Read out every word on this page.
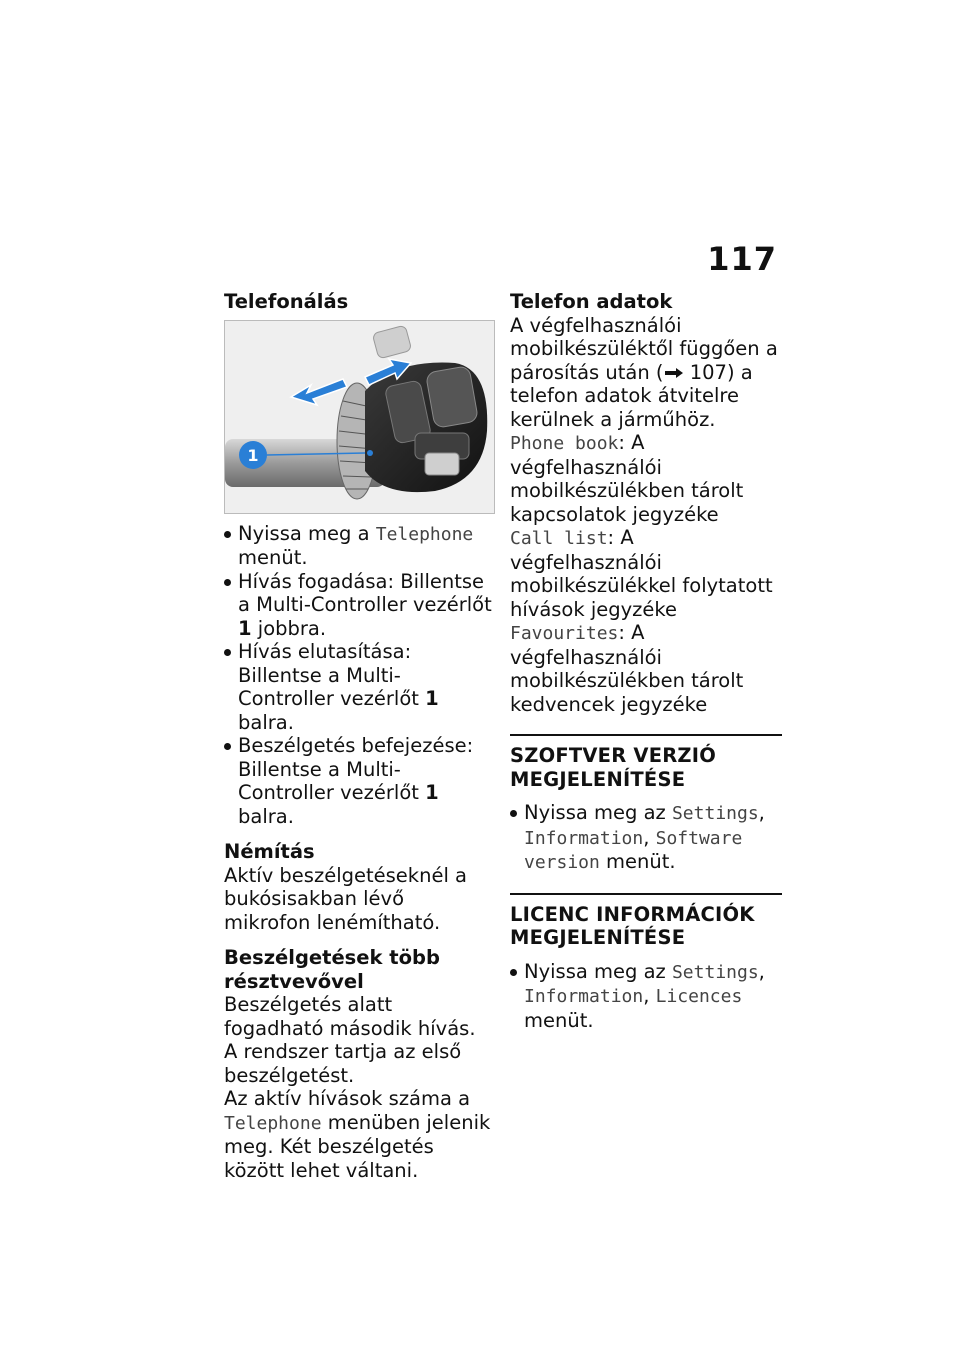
117
Telefonálás
1
Nyissa meg a Telephone menüt.
Hívás fogadása: Billentse a Multi-Controller vezérlőt 1 jobbra.
Hívás elutasítása: Billentse a Multi-Controller vezérlőt 1 balra.
Beszélgetés befejezése: Billentse a Multi-Controller vezérlőt 1 balra.
Némítás

Aktív beszélgetéseknél a bukósisakban lévő mikrofon lenémítható.

Beszélgetések több résztvevővel

Beszélgetés alatt fogadható második hívás. A rendszer tartja az első beszélgetést.

Az aktív hívások száma a Telephone menüben jelenik meg. Két beszélgetés között lehet váltani.

Telefon adatok

A végfelhasználói mobilkészüléktől függően a párosítás után ( 107) a telefon adatok átvitelre kerülnek a járműhöz.

Phone book: A végfelhasználói mobilkészülékben tárolt kapcsolatok jegyzéke

Call list: A végfelhasználói mobilkészülékkel folytatott hívások jegyzéke

Favourites: A végfelhasználói mobilkészülékben tárolt kedvencek jegyzéke

SZOFTVER VERZIÓ MEGJELENÍTÉSE
Nyissa meg az Settings, Information, Software version menüt.
LICENC INFORMÁCIÓK MEGJELENÍTÉSE
Nyissa meg az Settings, Information, Licences menüt.
